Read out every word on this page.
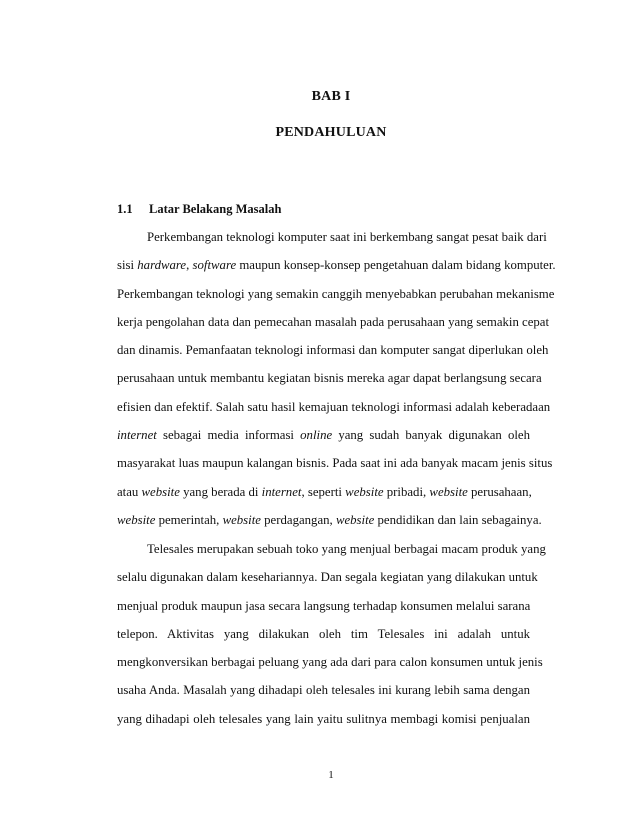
BAB I
PENDAHULUAN
1.1 Latar Belakang Masalah
Perkembangan teknologi komputer saat ini berkembang sangat pesat baik dari
sisi hardware, software maupun konsep-konsep pengetahuan dalam bidang komputer.
Perkembangan teknologi yang semakin canggih menyebabkan perubahan mekanisme
kerja pengolahan data dan pemecahan masalah pada perusahaan yang semakin cepat
dan dinamis. Pemanfaatan teknologi informasi dan komputer sangat diperlukan oleh
perusahaan untuk membantu kegiatan bisnis mereka agar dapat berlangsung secara
efisien dan efektif. Salah satu hasil kemajuan teknologi informasi adalah keberadaan
internet sebagai media informasi online yang sudah banyak digunakan oleh
masyarakat luas maupun kalangan bisnis. Pada saat ini ada banyak macam jenis situs
atau website yang berada di internet, seperti website pribadi, website perusahaan,
website pemerintah, website perdagangan, website pendidikan dan lain sebagainya.
Telesales merupakan sebuah toko yang menjual berbagai macam produk yang
selalu digunakan dalam kesehariannya. Dan segala kegiatan yang dilakukan untuk
menjual produk maupun jasa secara langsung terhadap konsumen melalui sarana
telepon. Aktivitas yang dilakukan oleh tim Telesales ini adalah untuk
mengkonversikan berbagai peluang yang ada dari para calon konsumen untuk jenis
usaha Anda. Masalah yang dihadapi oleh telesales ini kurang lebih sama dengan
yang dihadapi oleh telesales yang lain yaitu sulitnya membagi komisi penjualan
1
